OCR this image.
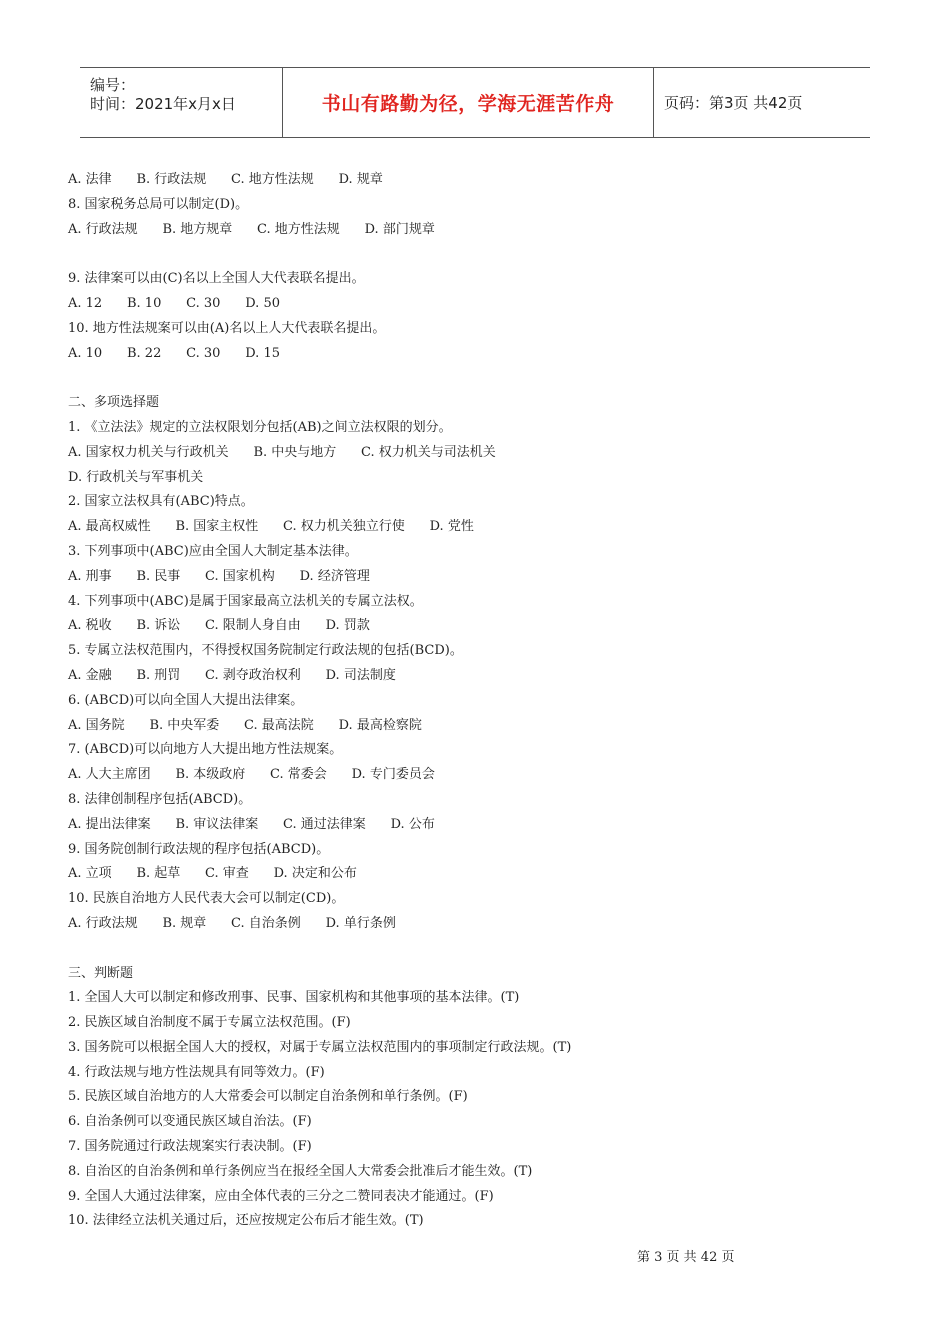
编号：
时间：2021年x月x日	书山有路勤为径，学海无涯苦作舟	页码：第3页 共42页
A. 法律      B. 行政法规      C. 地方性法规      D. 规章
8. 国家税务总局可以制定(D)。
A. 行政法规      B. 地方规章      C. 地方性法规      D. 部门规章
9. 法律案可以由(C)名以上全国人大代表联名提出。
A. 12      B. 10      C. 30      D. 50
10. 地方性法规案可以由(A)名以上人大代表联名提出。
A. 10      B. 22      C. 30      D. 15
二、多项选择题
1. 《立法法》规定的立法权限划分包括(AB)之间立法权限的划分。
A. 国家权力机关与行政机关      B. 中央与地方      C. 权力机关与司法机关
D. 行政机关与军事机关
2. 国家立法权具有(ABC)特点。
A. 最高权威性      B. 国家主权性      C. 权力机关独立行使      D. 党性
3. 下列事项中(ABC)应由全国人大制定基本法律。
A. 刑事      B. 民事      C. 国家机构      D. 经济管理
4. 下列事项中(ABC)是属于国家最高立法机关的专属立法权。
A. 税收      B. 诉讼      C. 限制人身自由      D. 罚款
5. 专属立法权范围内，不得授权国务院制定行政法规的包括(BCD)。
A. 金融      B. 刑罚      C. 剥夺政治权利      D. 司法制度
6. (ABCD)可以向全国人大提出法律案。
A. 国务院      B. 中央军委      C. 最高法院      D. 最高检察院
7. (ABCD)可以向地方人大提出地方性法规案。
A. 人大主席团      B. 本级政府      C. 常委会      D. 专门委员会
8. 法律创制程序包括(ABCD)。
A. 提出法律案      B. 审议法律案      C. 通过法律案      D. 公布
9. 国务院创制行政法规的程序包括(ABCD)。
A. 立项      B. 起草      C. 审查      D. 决定和公布
10. 民族自治地方人民代表大会可以制定(CD)。
A. 行政法规      B. 规章      C. 自治条例      D. 单行条例
三、判断题
1. 全国人大可以制定和修改刑事、民事、国家机构和其他事项的基本法律。(T)
2. 民族区域自治制度不属于专属立法权范围。(F)
3. 国务院可以根据全国人大的授权，对属于专属立法权范围内的事项制定行政法规。(T)
4. 行政法规与地方性法规具有同等效力。(F)
5. 民族区域自治地方的人大常委会可以制定自治条例和单行条例。(F)
6. 自治条例可以变通民族区域自治法。(F)
7. 国务院通过行政法规案实行表决制。(F)
8. 自治区的自治条例和单行条例应当在报经全国人大常委会批准后才能生效。(T)
9. 全国人大通过法律案，应由全体代表的三分之二赞同表决才能通过。(F)
10. 法律经立法机关通过后，还应按规定公布后才能生效。(T)
第 3 页 共 42 页
